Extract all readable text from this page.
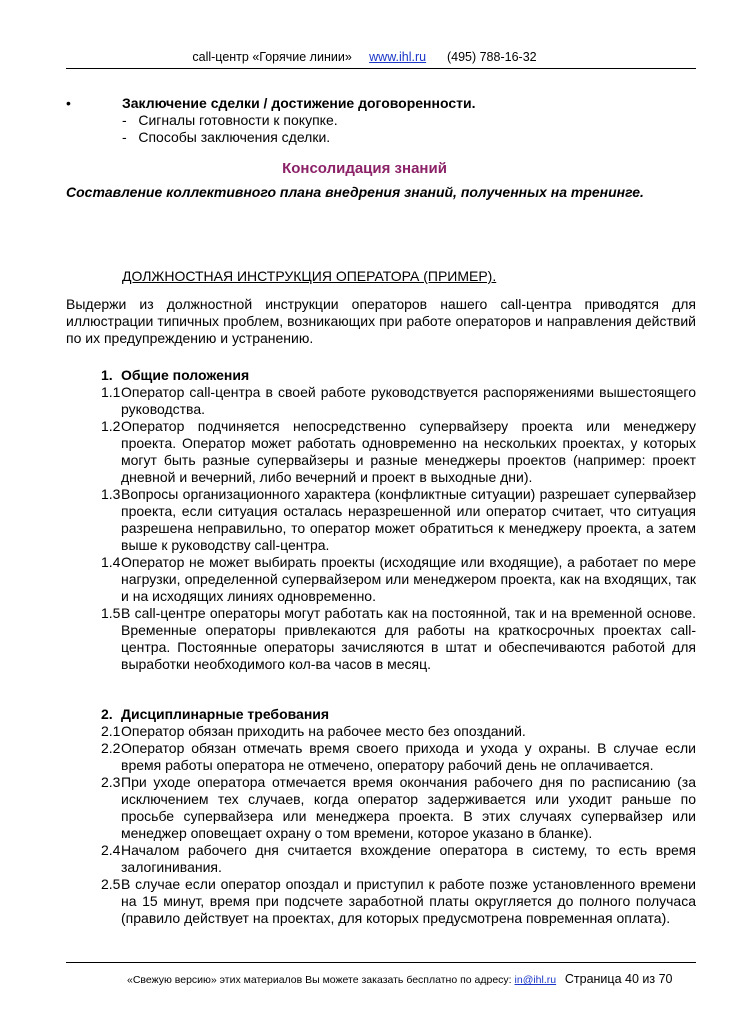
call-центр «Горячие линии» www.ihl.ru (495) 788-16-32
•	Заключение сделки / достижение договоренности.
-   Сигналы готовности к покупке.
-   Способы заключения сделки.
Консолидация знаний
Составление коллективного плана внедрения знаний, полученных на тренинге.
ДОЛЖНОСТНАЯ ИНСТРУКЦИЯ ОПЕРАТОРА (ПРИМЕР).
Выдержи из должностной инструкции операторов нашего call-центра приводятся для иллюстрации типичных проблем, возникающих при работе операторов и направления действий по их предупреждению и устранению.
1. Общие положения
1.1 Оператор call-центра в своей работе руководствуется распоряжениями вышестоящего руководства.
1.2 Оператор подчиняется непосредственно супервайзеру проекта или менеджеру проекта. Оператор может работать одновременно на нескольких проектах, у которых могут быть разные супервайзеры и разные менеджеры проектов (например: проект дневной и вечерний, либо вечерний и проект в выходные дни).
1.3 Вопросы организационного характера (конфликтные ситуации) разрешает супервайзер проекта, если ситуация осталась неразрешенной или оператор считает, что ситуация разрешена неправильно, то оператор может обратиться к менеджеру проекта, а затем выше к руководству call-центра.
1.4 Оператор не может выбирать проекты (исходящие или входящие), а работает по мере нагрузки, определенной супервайзером или менеджером проекта, как на входящих, так и на исходящих линиях одновременно.
1.5 В call-центре операторы могут работать как на постоянной, так и на временной основе. Временные операторы привлекаются для работы на краткосрочных проектах call-центра. Постоянные операторы зачисляются в штат и обеспечиваются работой для выработки необходимого кол-ва часов в месяц.
2. Дисциплинарные требования
2.1 Оператор обязан приходить на рабочее место без опозданий.
2.2 Оператор обязан отмечать время своего прихода и ухода у охраны. В случае если время работы оператора не отмечено, оператору рабочий день не оплачивается.
2.3 При уходе оператора отмечается время окончания рабочего дня по расписанию (за исключением тех случаев, когда оператор задерживается или уходит раньше по просьбе супервайзера или менеджера проекта. В этих случаях супервайзер или менеджер оповещает охрану о том времени, которое указано в бланке).
2.4 Началом рабочего дня считается вхождение оператора в систему, то есть время залогинивания.
2.5 В случае если оператор опоздал и приступил к работе позже установленного времени на 15 минут, время при подсчете заработной платы округляется до полного получаса (правило действует на проектах, для которых предусмотрена повременная оплата).
«Свежую версию» этих материалов Вы можете заказать бесплатно по адресу: in@ihl.ru Страница 40 из 70
